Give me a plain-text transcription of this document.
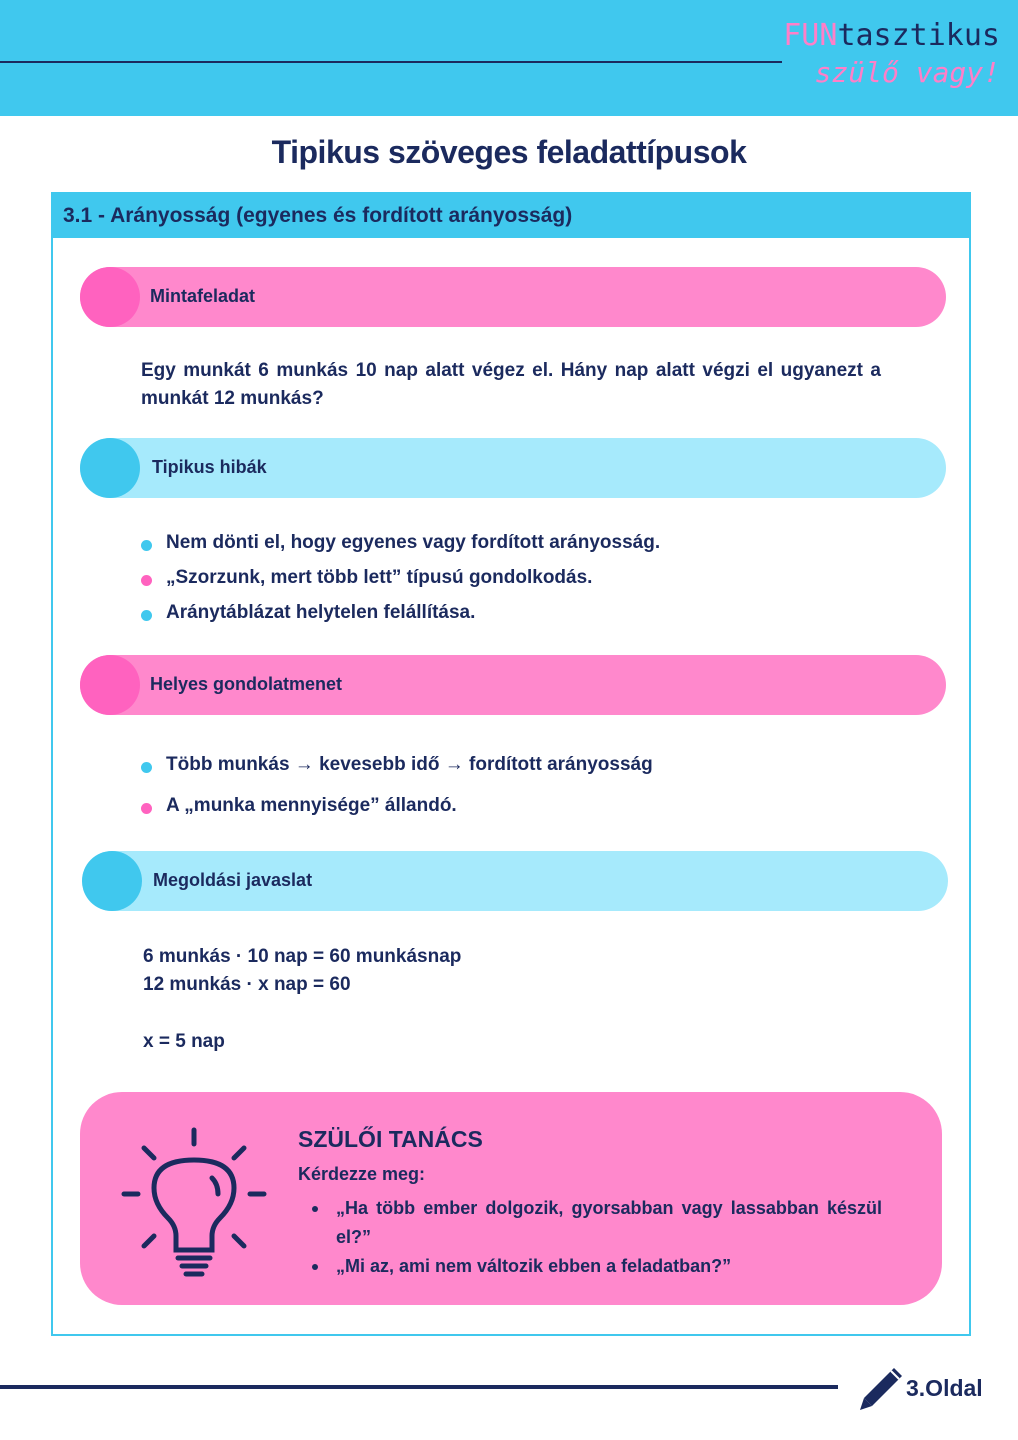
FUNtasztikus
szülő vagy!
Tipikus szöveges feladattípusok
3.1 - Arányosság (egyenes és fordított arányosság)
Mintafeladat
Egy munkát 6 munkás 10 nap alatt végez el. Hány nap alatt végzi el ugyanezt a munkát 12 munkás?
Tipikus hibák
Nem dönti el, hogy egyenes vagy fordított arányosság.
„Szorzunk, mert több lett” típusú gondolkodás.
Aránytáblázat helytelen felállítása.
Helyes gondolatmenet
Több munkás → kevesebb idő → fordított arányosság
A „munka mennyisége” állandó.
Megoldási javaslat
6 munkás · 10 nap = 60 munkásnap
12 munkás · x nap = 60
x = 5 nap
SZÜLŐI TANÁCS
Kérdezze meg:
„Ha több ember dolgozik, gyorsabban vagy lassabban készül el?”
„Mi az, ami nem változik ebben a feladatban?”
3.Oldal
